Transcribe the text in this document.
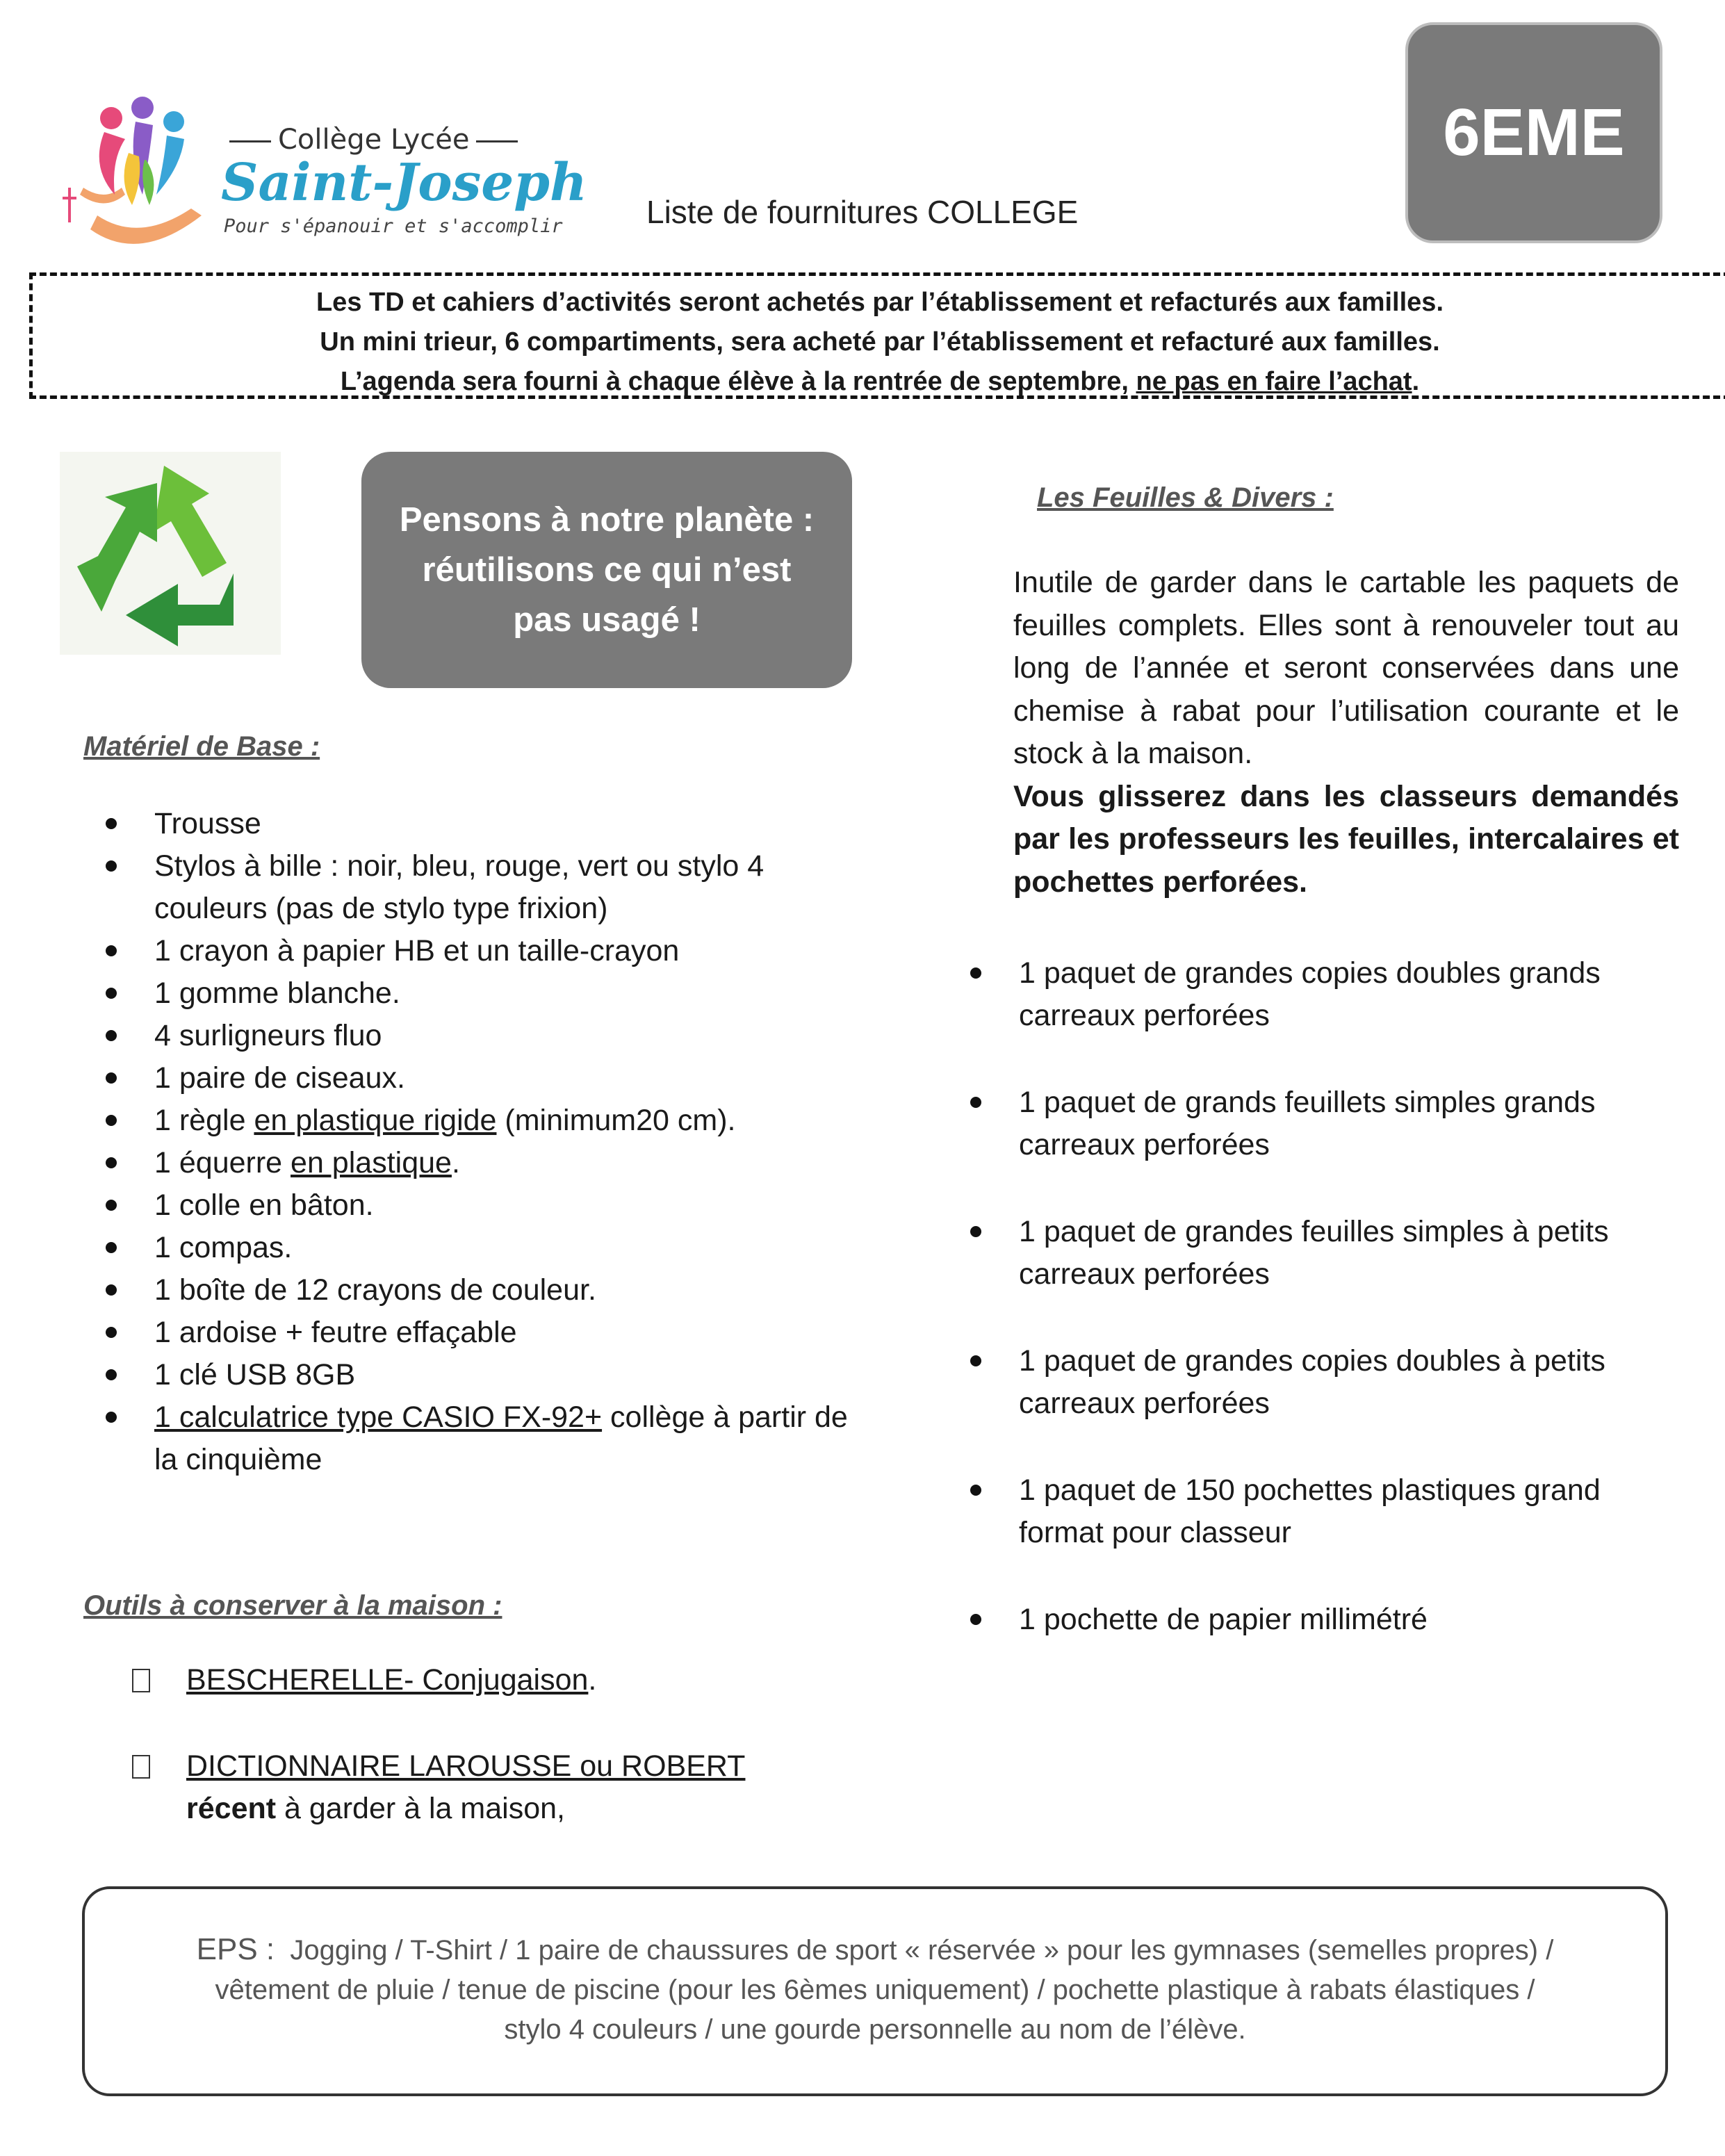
Collège Lycée
Saint-Joseph
Pour s'épanouir et s'accomplir	Liste de fournitures COLLEGE
6EME
Les TD et cahiers d’activités seront achetés par l’établissement et refacturés aux familles.
Un mini trieur, 6 compartiments, sera acheté par l’établissement et refacturé aux familles.
L’agenda sera fourni à chaque élève à la rentrée de septembre, ne pas en faire l’achat.
Pensons à notre planète : réutilisons ce qui n’est pas usagé !
Matériel de Base :
Trousse
Stylos à bille : noir, bleu, rouge, vert ou stylo 4 couleurs (pas de stylo type frixion)
1 crayon à papier HB et un taille-crayon
1 gomme blanche.
4 surligneurs fluo
1 paire de ciseaux.
1 règle en plastique rigide (minimum20 cm).
1 équerre en plastique.
1 colle en bâton.
1 compas.
1 boîte de 12 crayons de couleur.
1 ardoise + feutre effaçable
1 clé USB 8GB
1 calculatrice type CASIO FX-92+ collège à partir de la cinquième
Outils à conserver à la maison :
BESCHERELLE- Conjugaison.
DICTIONNAIRE LAROUSSE ou ROBERT
récent à garder à la maison,
Les Feuilles & Divers :
Inutile de garder dans le cartable les paquets de feuilles complets. Elles sont à renouveler tout au long de l’année et seront conservées dans une chemise à rabat pour l’utilisation courante et le stock à la maison.
Vous glisserez dans les classeurs demandés par les professeurs les feuilles, intercalaires et pochettes perforées.
1 paquet de grandes copies doubles grands carreaux perforées
1 paquet de grands feuillets simples grands carreaux perforées
1 paquet de grandes feuilles simples à petits carreaux perforées
1 paquet de grandes copies doubles à petits carreaux perforées
1 paquet de 150 pochettes plastiques grand format pour classeur
1 pochette de papier millimétré
EPS : Jogging / T-Shirt / 1 paire de chaussures de sport « réservée » pour les gymnases (semelles propres) /
vêtement de pluie / tenue de piscine (pour les 6èmes uniquement) / pochette plastique à rabats élastiques /
stylo 4 couleurs / une gourde personnelle au nom de l’élève.
